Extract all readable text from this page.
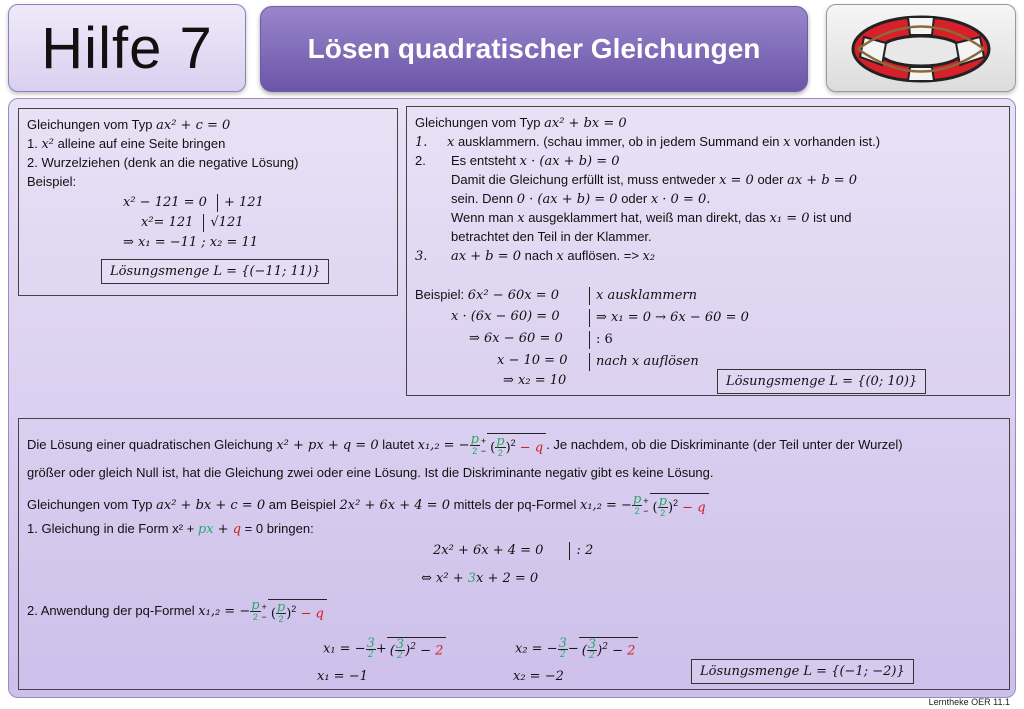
Hilfe 7	Lösen quadratischer Gleichungen
Gleichungen vom Typ ax² + c = 0
1. x² alleine auf eine Seite bringen
2. Wurzelziehen (denk an die negative Lösung)
Beispiel:
x² − 121 = 0 + 121
x²= 121 √121
⇒ x₁ = −11 ; x₂ = 11
Lösungsmenge L = {(−11; 11)}
Gleichungen vom Typ ax² + bx = 0
1. x ausklammern. (schau immer, ob in jedem Summand ein x vorhanden ist.)
2. Es entsteht x · (ax + b) = 0
Damit die Gleichung erfüllt ist, muss entweder x = 0 oder ax + b = 0
sein. Denn 0 · (ax + b) = 0 oder x · 0 = 0.
Wenn man x ausgeklammert hat, weiß man direkt, das x₁ = 0 ist und
betrachtet den Teil in der Klammer.
3. ax + b = 0 nach x auflösen. => x₂
Beispiel: 6x² − 60x = 0	x ausklammern
x · (6x − 60) = 0	⇒ x₁ = 0 → 6x − 60 = 0
⇒ 6x − 60 = 0	: 6
x − 10 = 0	nach x auflösen
⇒ x₂ = 10	Lösungsmenge L = {(0; 10)}
Die Lösung einer quadratischen Gleichung x² + px + q = 0 lautet x₁,₂ = − $\frac{p}{2}$ +
− ( $\frac{p}{2} )^2 - q$ . Je nachdem, ob die Diskriminante (der Teil unter der Wurzel)
größer oder gleich Null ist, hat die Gleichung zwei oder eine Lösung. Ist die Diskriminante negativ gibt es keine Lösung.
Gleichungen vom Typ ax² + bx + c = 0 am Beispiel 2x² + 6x + 4 = 0 mittels der pq-Formel x₁,₂ = − $\frac{p}{2}$ +
− ( $\frac{p}{2} )^2 - q$
1. Gleichung in die Form x² + px + q = 0 bringen:
2x² + 6x + 4 = 0	: 2
⇔ x² + 3x + 2 = 0
2. Anwendung der pq-Formel x₁,₂ = − $\frac{p}{2}$ +
− ( $\frac{p}{2} )^2 - q$
x₁ = − $\frac{3}{2}$ + ( $\frac{3}{2} )^2 - 2$	x₂ = − $\frac{3}{2}$ − ( $\frac{3}{2} )^2 - 2$
x₁ = −1	x₂ = −2	Lösungsmenge L = {(−1; −2)}
Lerntheke OER 11.1
